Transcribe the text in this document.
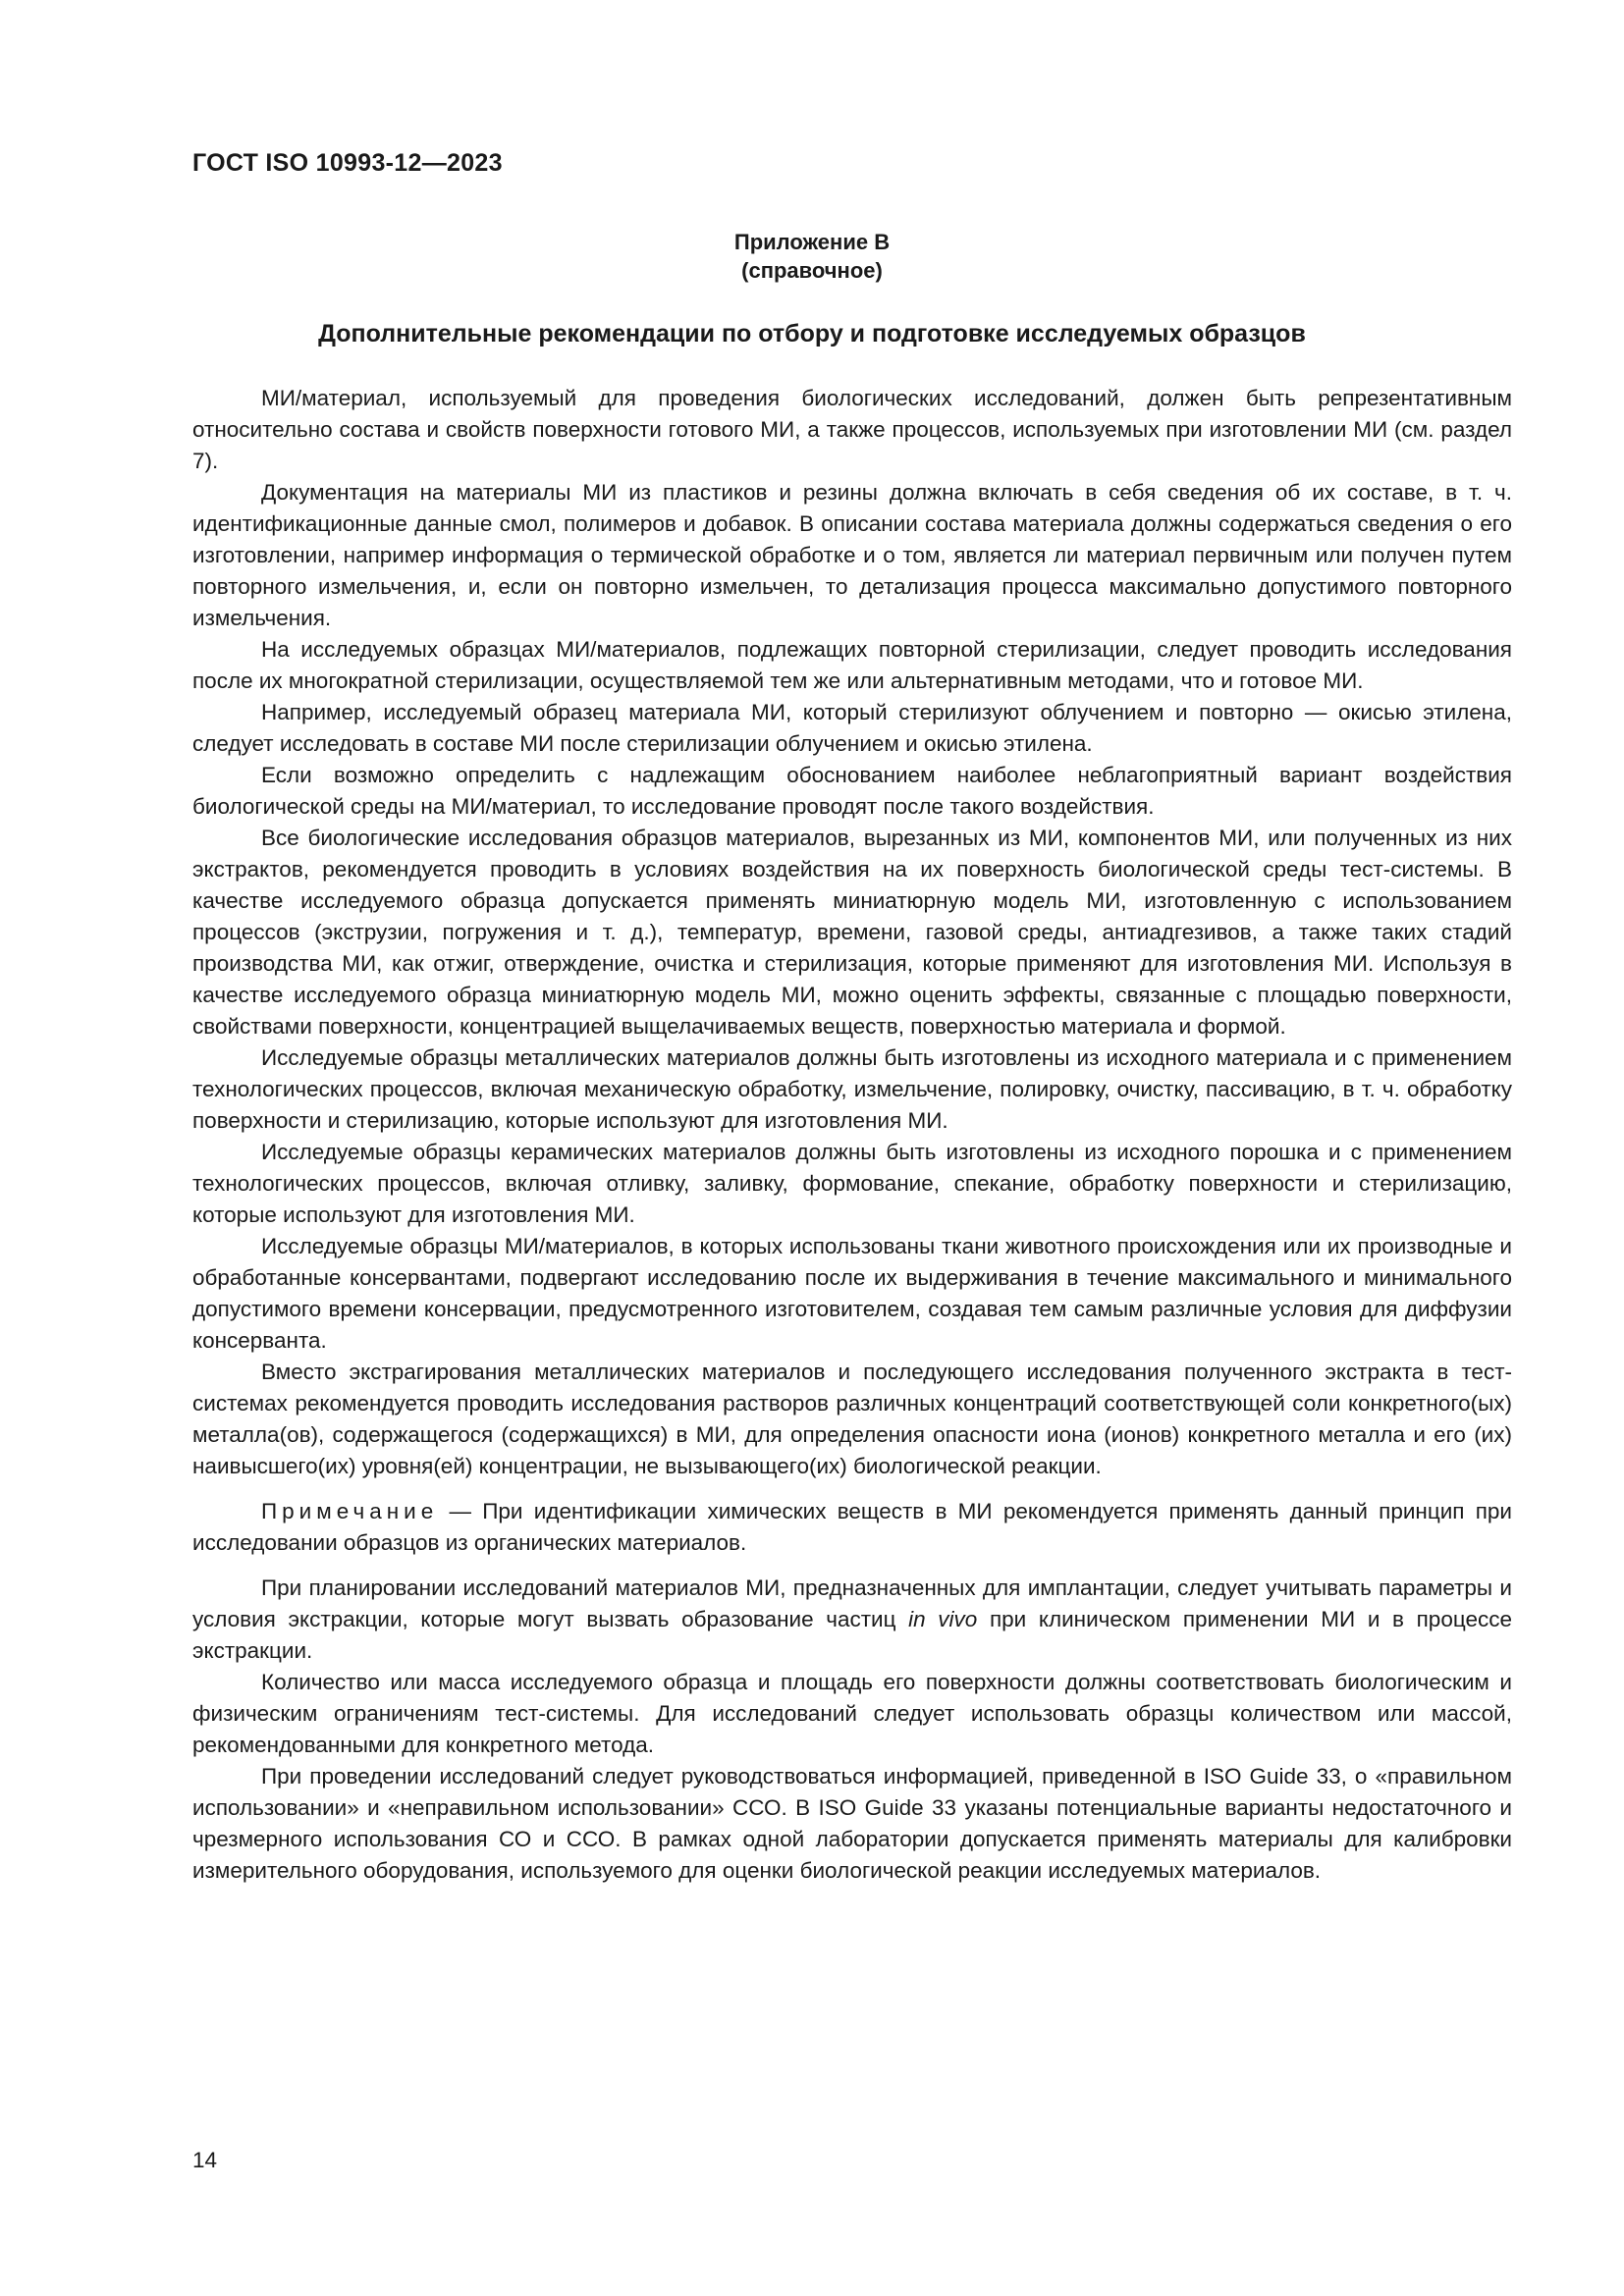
ГОСТ ISO 10993-12—2023
Приложение В
(справочное)
Дополнительные рекомендации по отбору и подготовке исследуемых образцов

МИ/материал, используемый для проведения биологических исследований, должен быть репрезентативным относительно состава и свойств поверхности готового МИ, а также процессов, используемых при изготовлении МИ (см. раздел 7).

Документация на материалы МИ из пластиков и резины должна включать в себя сведения об их составе, в т. ч. идентификационные данные смол, полимеров и добавок. В описании состава материала должны содержаться сведения о его изготовлении, например информация о термической обработке и о том, является ли материал первичным или получен путем повторного измельчения, и, если он повторно измельчен, то детализация процесса максимально допустимого повторного измельчения.

На исследуемых образцах МИ/материалов, подлежащих повторной стерилизации, следует проводить исследования после их многократной стерилизации, осуществляемой тем же или альтернативным методами, что и готовое МИ.

Например, исследуемый образец материала МИ, который стерилизуют облучением и повторно — окисью этилена, следует исследовать в составе МИ после стерилизации облучением и окисью этилена.

Если возможно определить с надлежащим обоснованием наиболее неблагоприятный вариант воздействия биологической среды на МИ/материал, то исследование проводят после такого воздействия.

Все биологические исследования образцов материалов, вырезанных из МИ, компонентов МИ, или полученных из них экстрактов, рекомендуется проводить в условиях воздействия на их поверхность биологической среды тест-системы. В качестве исследуемого образца допускается применять миниатюрную модель МИ, изготовленную с использованием процессов (экструзии, погружения и т. д.), температур, времени, газовой среды, антиадгезивов, а также таких стадий производства МИ, как отжиг, отверждение, очистка и стерилизация, которые применяют для изготовления МИ. Используя в качестве исследуемого образца миниатюрную модель МИ, можно оценить эффекты, связанные с площадью поверхности, свойствами поверхности, концентрацией выщелачиваемых веществ, поверхностью материала и формой.

Исследуемые образцы металлических материалов должны быть изготовлены из исходного материала и с применением технологических процессов, включая механическую обработку, измельчение, полировку, очистку, пассивацию, в т. ч. обработку поверхности и стерилизацию, которые используют для изготовления МИ.

Исследуемые образцы керамических материалов должны быть изготовлены из исходного порошка и с применением технологических процессов, включая отливку, заливку, формование, спекание, обработку поверхности и стерилизацию, которые используют для изготовления МИ.

Исследуемые образцы МИ/материалов, в которых использованы ткани животного происхождения или их производные и обработанные консервантами, подвергают исследованию после их выдерживания в течение максимального и минимального допустимого времени консервации, предусмотренного изготовителем, создавая тем самым различные условия для диффузии консерванта.

Вместо экстрагирования металлических материалов и последующего исследования полученного экстракта в тест-системах рекомендуется проводить исследования растворов различных концентраций соответствующей соли конкретного(ых) металла(ов), содержащегося (содержащихся) в МИ, для определения опасности иона (ионов) конкретного металла и его (их) наивысшего(их) уровня(ей) концентрации, не вызывающего(их) биологической реакции.

Примечание — При идентификации химических веществ в МИ рекомендуется применять данный принцип при исследовании образцов из органических материалов.

При планировании исследований материалов МИ, предназначенных для имплантации, следует учитывать параметры и условия экстракции, которые могут вызвать образование частиц in vivo при клиническом применении МИ и в процессе экстракции.

Количество или масса исследуемого образца и площадь его поверхности должны соответствовать биологическим и физическим ограничениям тест-системы. Для исследований следует использовать образцы количеством или массой, рекомендованными для конкретного метода.

При проведении исследований следует руководствоваться информацией, приведенной в ISO Guide 33, о «правильном использовании» и «неправильном использовании» ССО. В ISO Guide 33 указаны потенциальные варианты недостаточного и чрезмерного использования СО и ССО. В рамках одной лаборатории допускается применять материалы для калибровки измерительного оборудования, используемого для оценки биологической реакции исследуемых материалов.

14
